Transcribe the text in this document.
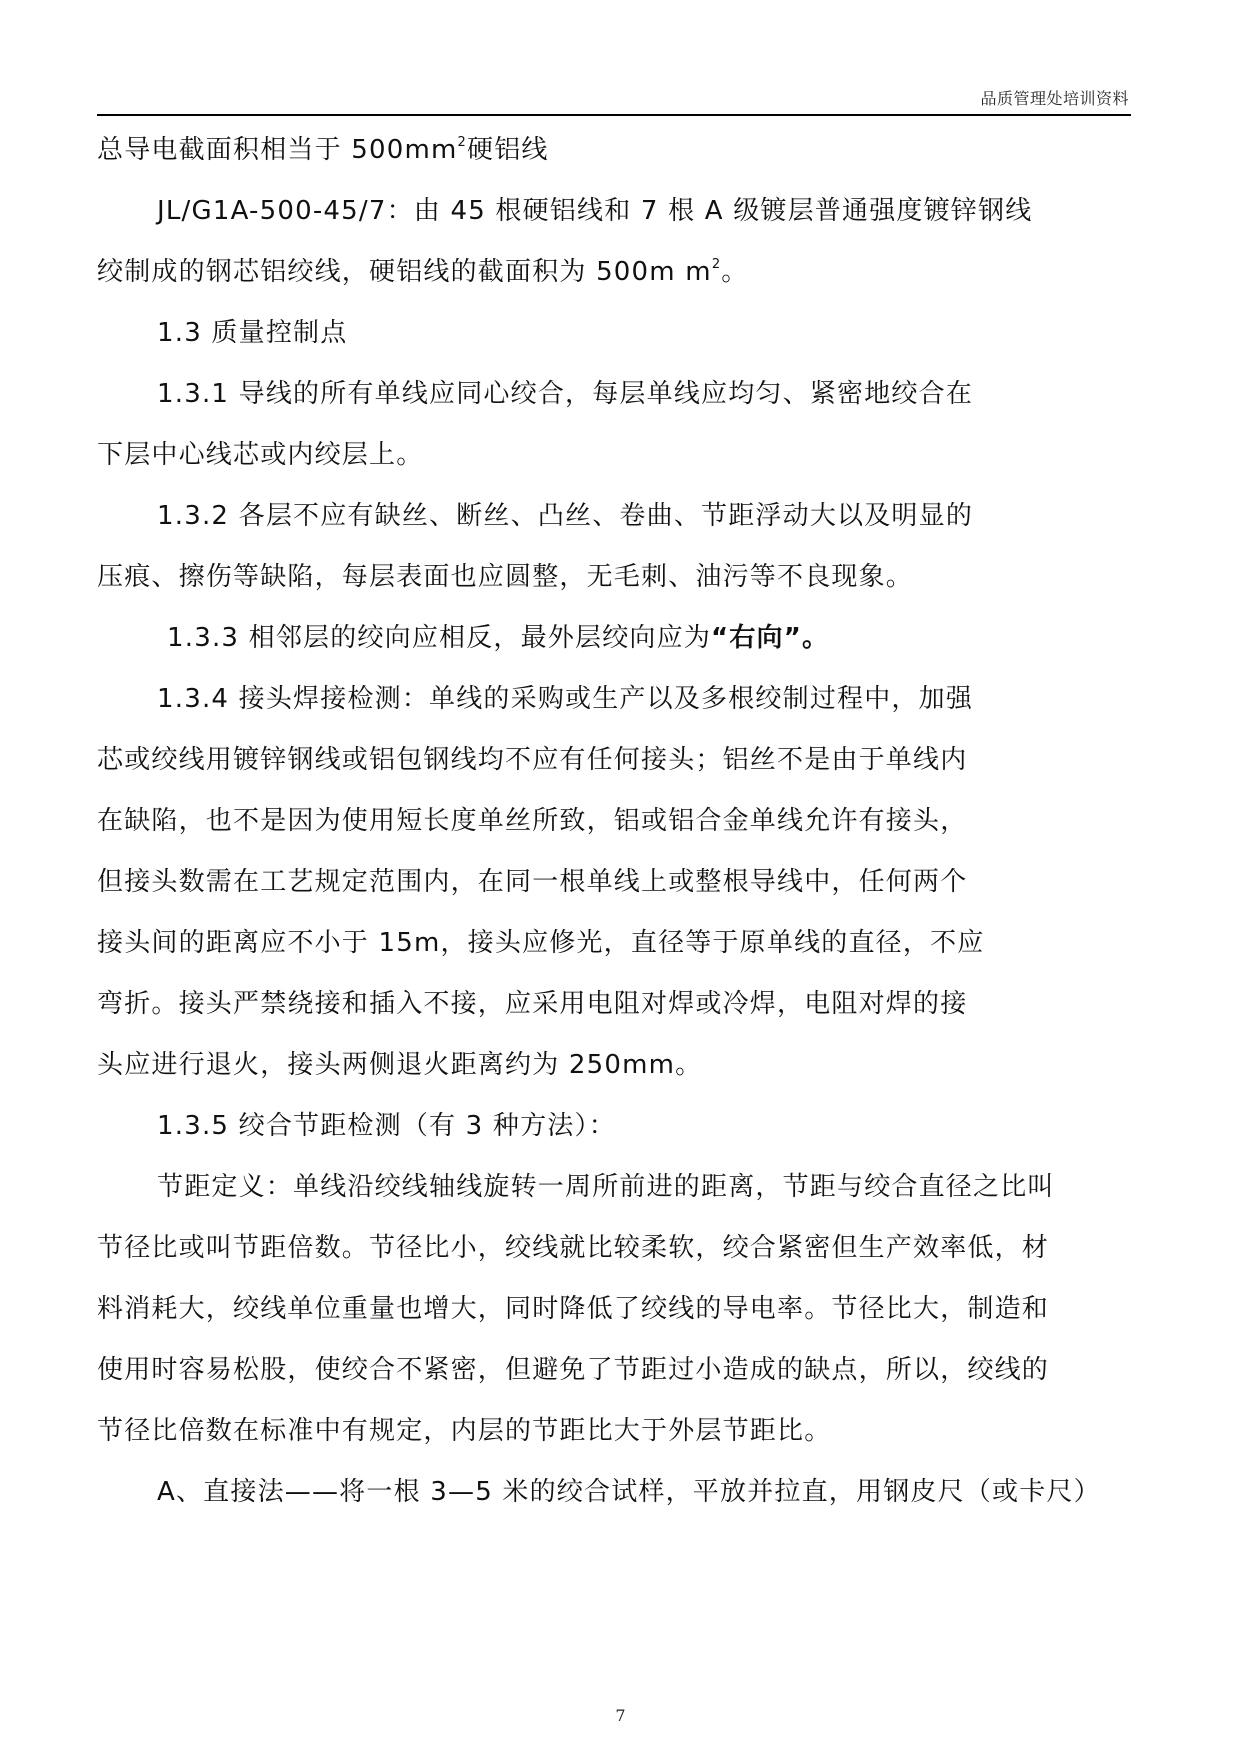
品质管理处培训资料
总导电截面积相当于 $500mm^2$硬铝线
JL/G1A-500-45/7：由 45 根硬铝线和 7 根 A 级镀层普通强度镀锌钢线
绞制成的钢芯铝绞线，硬铝线的截面积为 500m $m^2$。
1.3 质量控制点
1.3.1 导线的所有单线应同心绞合，每层单线应均匀、紧密地绞合在
下层中心线芯或内绞层上。
1.3.2 各层不应有缺丝、断丝、凸丝、卷曲、节距浮动大以及明显的
压痕、擦伤等缺陷，每层表面也应圆整，无毛刺、油污等不良现象。
1.3.3 相邻层的绞向应相反，最外层绞向应为“右向”。
1.3.4 接头焊接检测：单线的采购或生产以及多根绞制过程中，加强
芯或绞线用镀锌钢线或铝包钢线均不应有任何接头；铝丝不是由于单线内
在缺陷，也不是因为使用短长度单丝所致，铝或铝合金单线允许有接头，
但接头数需在工艺规定范围内，在同一根单线上或整根导线中，任何两个
接头间的距离应不小于 15m，接头应修光，直径等于原单线的直径，不应
弯折。接头严禁绕接和插入不接，应采用电阻对焊或冷焊，电阻对焊的接
头应进行退火，接头两侧退火距离约为 250mm。
1.3.5 绞合节距检测（有 3 种方法）：
节距定义：单线沿绞线轴线旋转一周所前进的距离，节距与绞合直径之比叫
节径比或叫节距倍数。节径比小，绞线就比较柔软，绞合紧密但生产效率低，材
料消耗大，绞线单位重量也增大，同时降低了绞线的导电率。节径比大，制造和
使用时容易松股，使绞合不紧密，但避免了节距过小造成的缺点，所以，绞线的
节径比倍数在标准中有规定，内层的节距比大于外层节距比。
A、直接法——将一根 3—5 米的绞合试样，平放并拉直，用钢皮尺（或卡尺）
7
